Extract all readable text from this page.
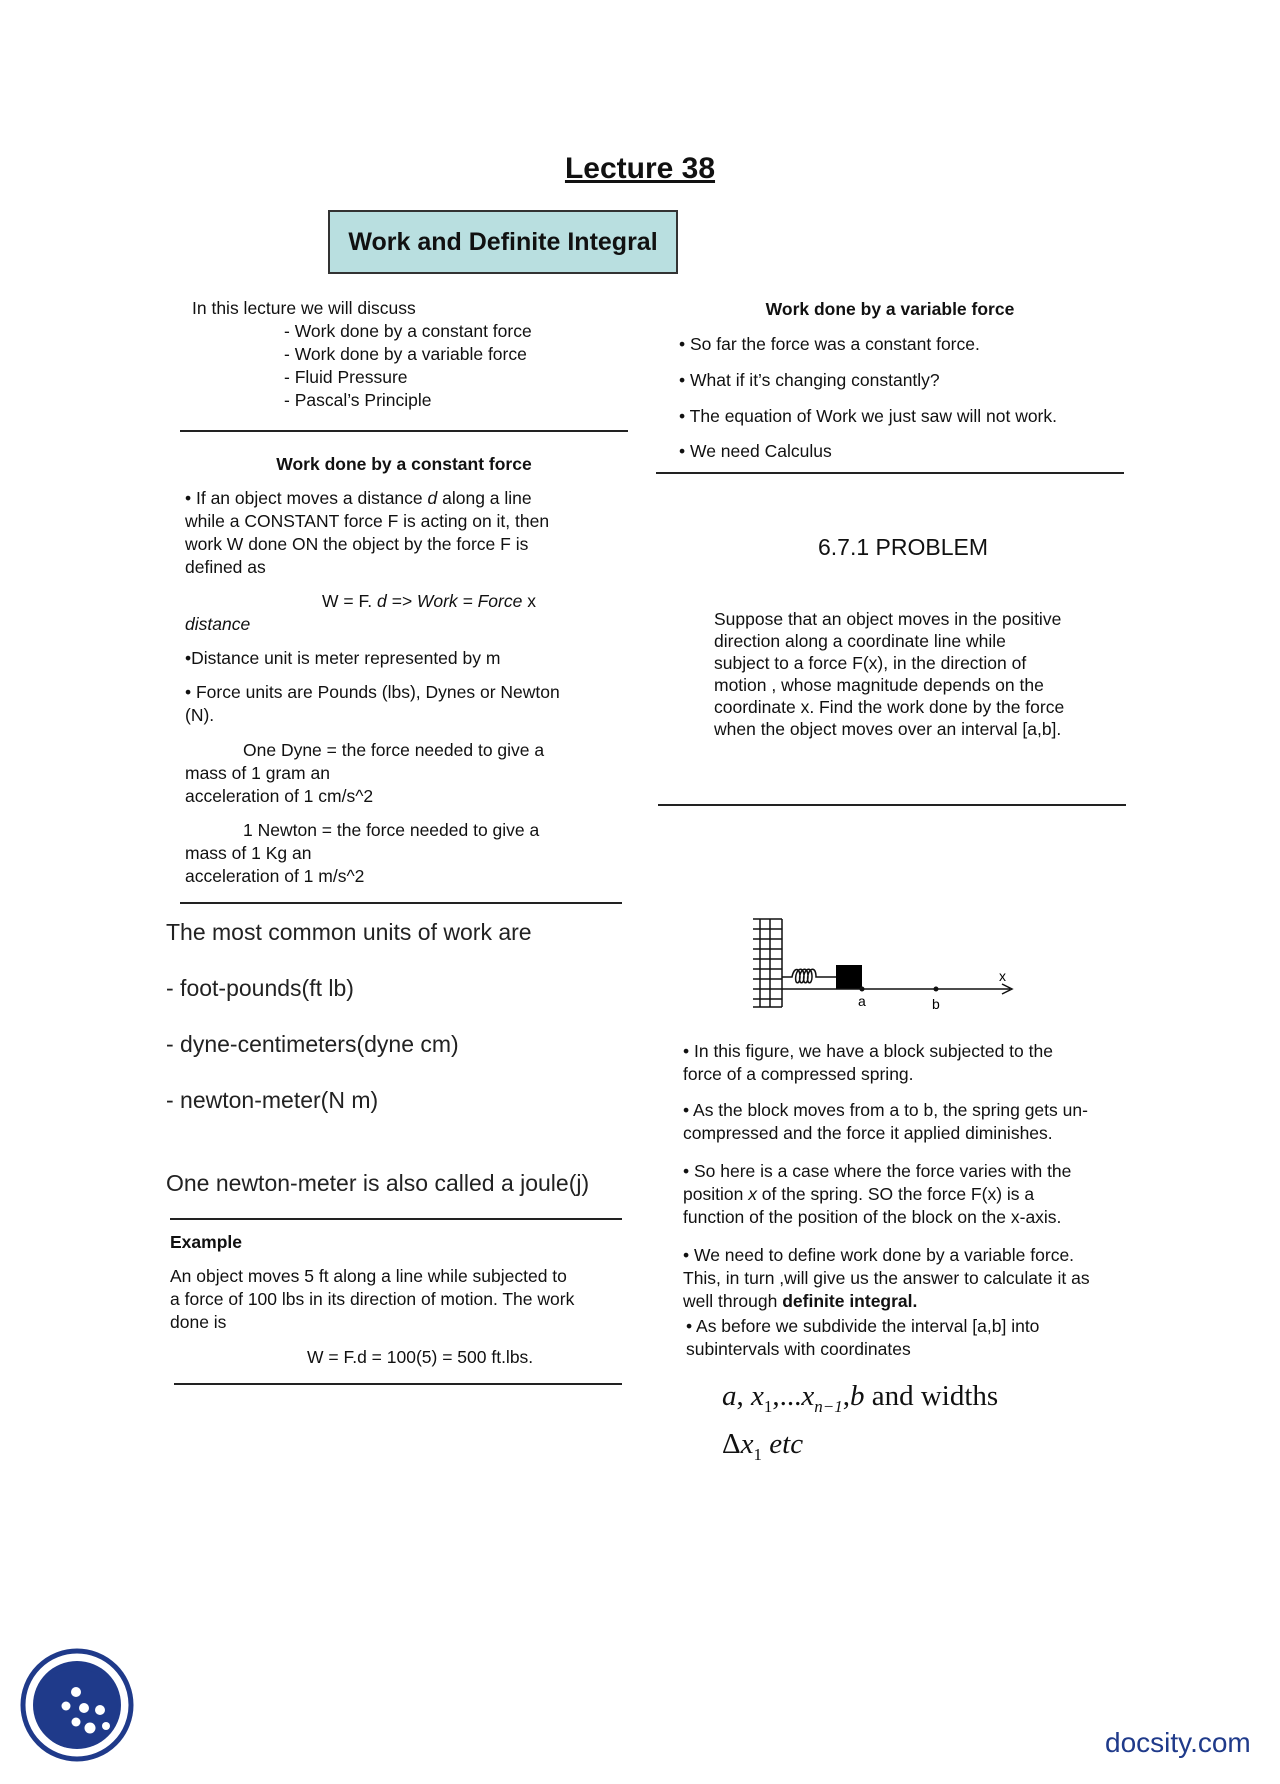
Lecture 38
Work and Definite Integral
In this lecture we will discuss
- Work done by a constant force
- Work done by a variable force
- Fluid Pressure
- Pascal’s Principle
Work done by a constant force
• If an object moves a distance d along a line
while a CONSTANT force F is acting on it, then
work W done ON the object by the force F is
defined as
W = F. d => Work = Force x
distance
•Distance unit is meter represented by m
• Force units are Pounds (lbs), Dynes or Newton
(N).
One Dyne = the force needed to give a
mass of 1 gram an
acceleration of 1 cm/s^2
1 Newton = the force needed to give a
mass of 1 Kg an
acceleration of 1 m/s^2
The most common units of work are
- foot-pounds(ft lb)
- dyne-centimeters(dyne cm)
- newton-meter(N m)
One newton-meter is also called a joule(j)
Example
An object moves 5 ft along a line while subjected to
a force of 100 lbs in its direction of motion. The work
done is
W = F.d = 100(5) = 500 ft.lbs.
Work done by a variable force
• So far the force was a constant force.
• What if it’s changing constantly?
• The equation of Work we just saw will not work.
• We need Calculus
6.7.1 PROBLEM
Suppose that an object moves in the positive
direction along a coordinate line while
subject to a force F(x), in the direction of
motion , whose magnitude depends on the
coordinate x. Find the work done by the force
when the object moves over an interval [a,b].
a	b
x
• In this figure, we have a block subjected to the
force of a compressed spring.
• As the block moves from a to b, the spring gets un-
compressed and the force it applied diminishes.
• So here is a case where the force varies with the
position x of the spring. SO the force F(x) is a
function of the position of the block on the x-axis.
• We need to define work done by a variable force.
This, in turn ,will give us the answer to calculate it as
well through definite integral.
• As before we subdivide the interval [a,b] into
subintervals with coordinates
a, $x_1,...x_{n-1},b$ and widths
$\Delta x_1$ etc
docsity.com
